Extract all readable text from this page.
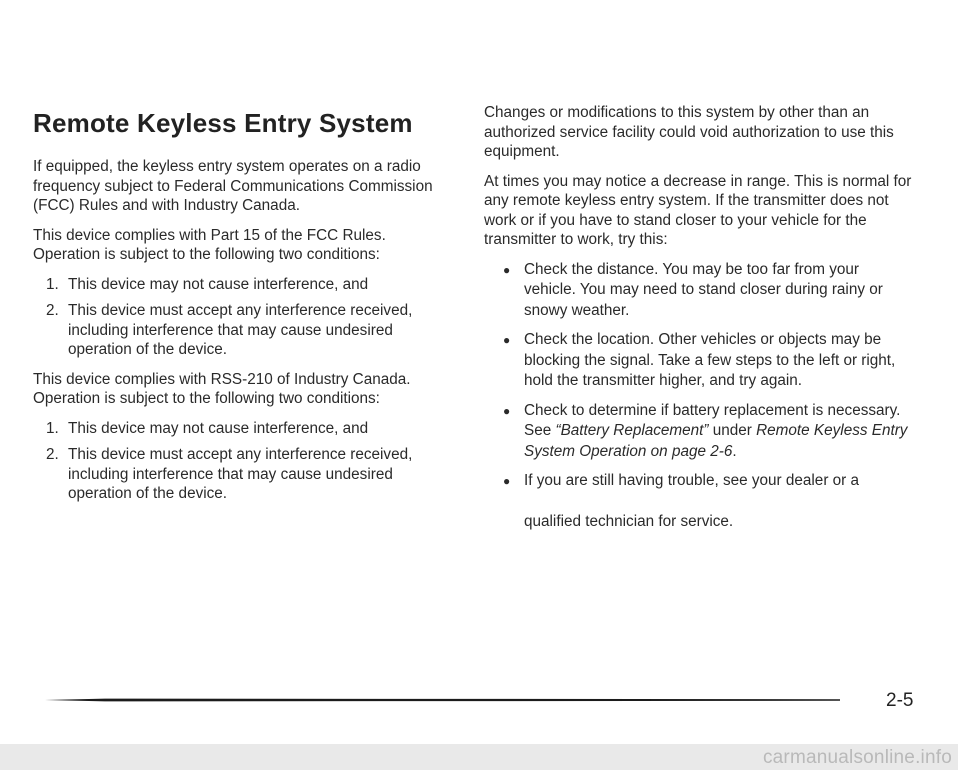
Remote Keyless Entry System

If equipped, the keyless entry system operates on a radio frequency subject to Federal Communications Commission (FCC) Rules and with Industry Canada.

This device complies with Part 15 of the FCC Rules. Operation is subject to the following two conditions:

1. This device may not cause interference, and
2. This device must accept any interference received, including interference that may cause undesired operation of the device.

This device complies with RSS-210 of Industry Canada. Operation is subject to the following two conditions:

1. This device may not cause interference, and
2. This device must accept any interference received, including interference that may cause undesired operation of the device.

Changes or modifications to this system by other than an authorized service facility could void authorization to use this equipment.

At times you may notice a decrease in range. This is normal for any remote keyless entry system. If the transmitter does not work or if you have to stand closer to your vehicle for the transmitter to work, try this:

● Check the distance. You may be too far from your vehicle. You may need to stand closer during rainy or snowy weather.
● Check the location. Other vehicles or objects may be blocking the signal. Take a few steps to the left or right, hold the transmitter higher, and try again.
● Check to determine if battery replacement is necessary. See “Battery Replacement” under Remote Keyless Entry System Operation on page 2-6.
● If you are still having trouble, see your dealer or a
qualified technician for service.
2-5
carmanualsonline.info
